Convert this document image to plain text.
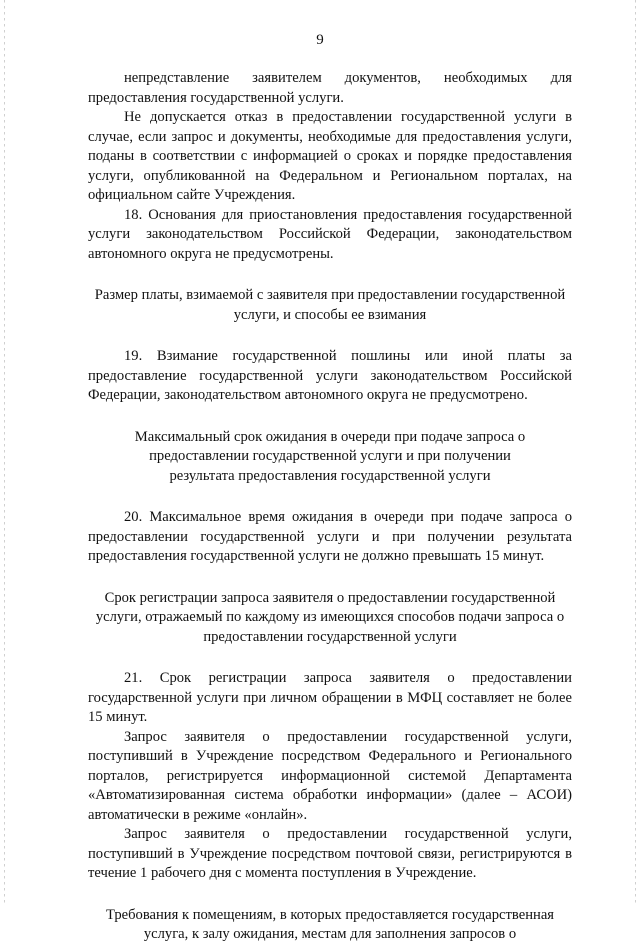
9

непредставление заявителем документов, необходимых для предоставления государственной услуги.

Не допускается отказ в предоставлении государственной услуги в случае, если запрос и документы, необходимые для предоставления услуги, поданы в соответствии с информацией о сроках и порядке предоставления услуги, опубликованной на Федеральном и Региональном порталах, на официальном сайте Учреждения.

18. Основания для приостановления предоставления государственной услуги законодательством Российской Федерации, законодательством автономного округа не предусмотрены.

Размер платы, взимаемой с заявителя при предоставлении государственной услуги, и способы ее взимания

19. Взимание государственной пошлины или иной платы за предоставление государственной услуги законодательством Российской Федерации, законодательством автономного округа не предусмотрено.

Максимальный срок ожидания в очереди при подаче запроса о предоставлении государственной услуги и при получении результата предоставления государственной услуги

20. Максимальное время ожидания в очереди при подаче запроса о предоставлении государственной услуги и при получении результата предоставления государственной услуги не должно превышать 15 минут.

Срок регистрации запроса заявителя о предоставлении государственной услуги, отражаемый по каждому из имеющихся способов подачи запроса о предоставлении государственной услуги

21. Срок регистрации запроса заявителя о предоставлении государственной услуги при личном обращении в МФЦ составляет не более 15 минут.

Запрос заявителя о предоставлении государственной услуги, поступивший в Учреждение посредством Федерального и Регионального порталов, регистрируется информационной системой Департамента «Автоматизированная система обработки информации» (далее – АСОИ) автоматически в режиме «онлайн».

Запрос заявителя о предоставлении государственной услуги, поступивший в Учреждение посредством почтовой связи, регистрируются в течение 1 рабочего дня с момента поступления в Учреждение.

Требования к помещениям, в которых предоставляется государственная услуга, к залу ожидания, местам для заполнения запросов о
